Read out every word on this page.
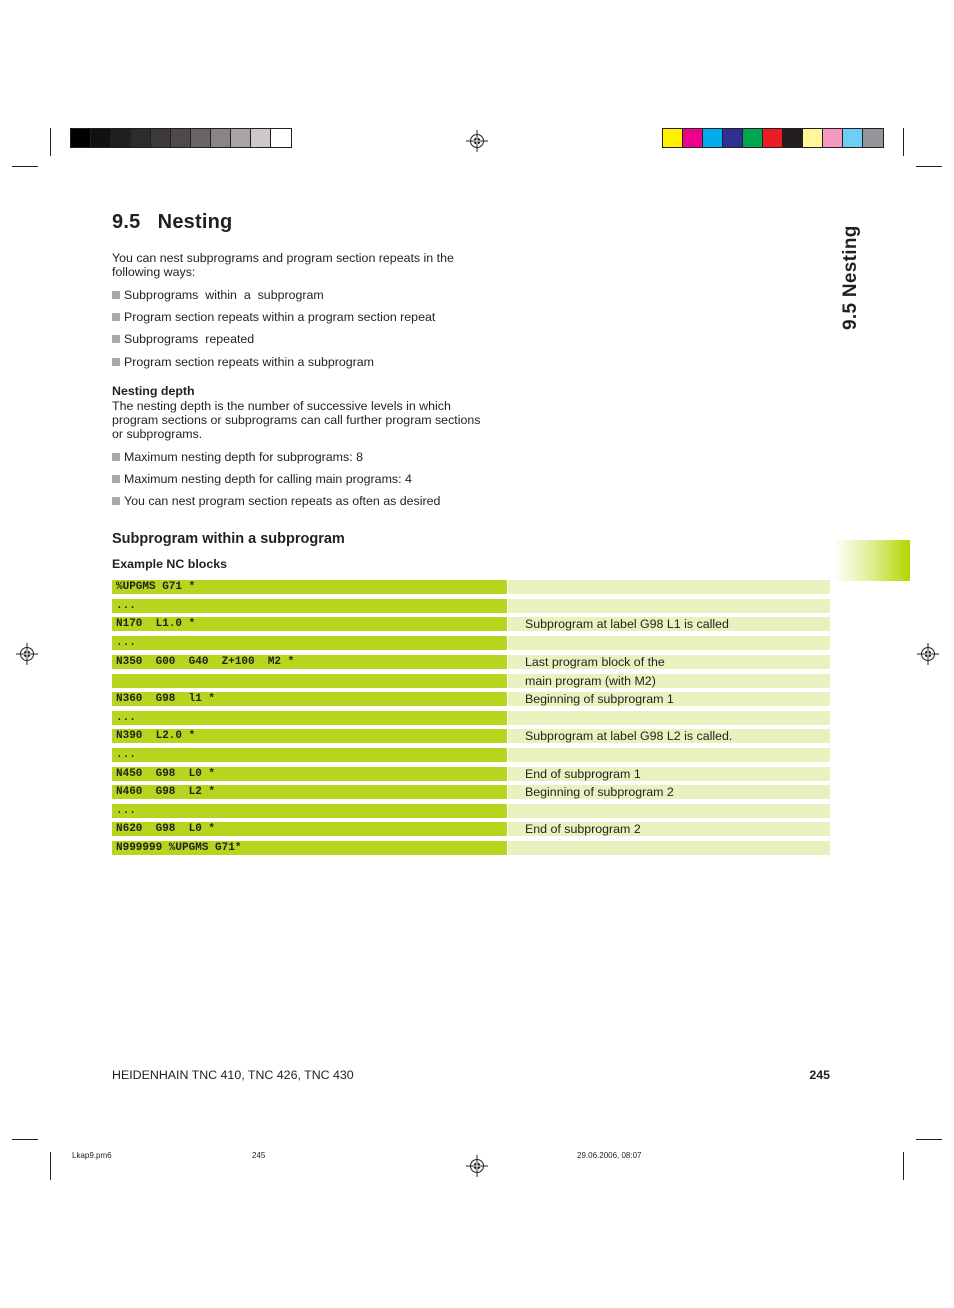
9.5   Nesting
You can nest subprograms and program section repeats in the
following ways:
Subprograms  within  a  subprogram
Program section repeats within a program section repeat
Subprograms  repeated
Program section repeats within a subprogram
Nesting depth
The nesting depth is the number of successive levels in which
program sections or subprograms can call further program sections
or subprograms.
Maximum nesting depth for subprograms: 8
Maximum nesting depth for calling main programs: 4
You can nest program section repeats as often as desired
Subprogram within a subprogram
Example NC blocks
%UPGMS G71 *
...
N170  L1.0 *	Subprogram at label G98 L1 is called
...
N350  G00  G40  Z+100  M2 *	Last program block of the
main program (with M2)
N360  G98  l1 *	Beginning of subprogram 1
...
N390  L2.0 *	Subprogram at label G98 L2 is called.
...
N450  G98  L0 *	End of subprogram 1
N460  G98  L2 *	Beginning of subprogram 2
...
N620  G98  L0 *	End of subprogram 2
N999999 %UPGMS G71*
9.5 Nesting
HEIDENHAIN TNC 410, TNC 426, TNC 430	245
Lkap9.pm6	245	29.06.2006, 08:07
